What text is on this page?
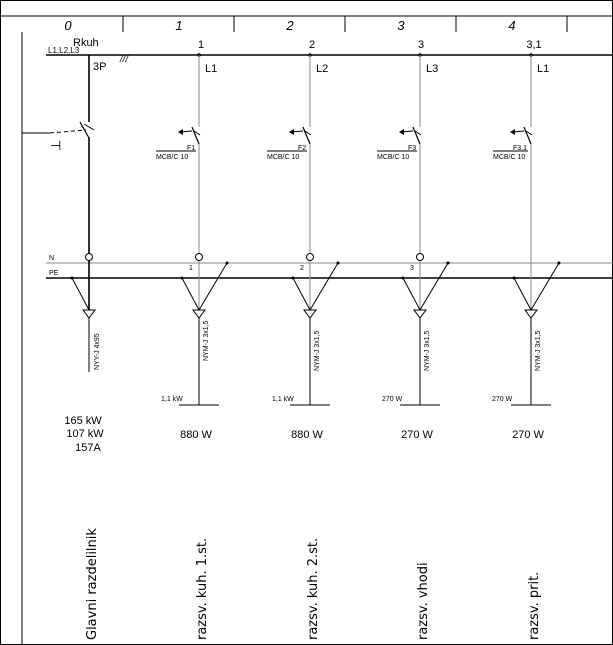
0	1	2	3	4
L1,L2,L3
Rkuh
///
N
PE
⊣
3P
NYY-J 4x95
165 kW
107 kW
157A
Glavni razdelilnik
1
L1
F1
MCB/C 10
1
NYM-J 3x1,5
1,1 kW
880 W
razsv. kuh. 1.st.
2
L2
F2
MCB/C 10
2
NYM-J 3x1,5
1,1 kW
880 W
razsv. kuh. 2.st.
3
L3
F3
MCB/C 10
3
NYM-J 3x1,5
270 W
270 W
razsv. vhodi
3,1
L1
F3,1
MCB/C 10
NYM-J 3x1,5
270 W
270 W
razsv. prit.
